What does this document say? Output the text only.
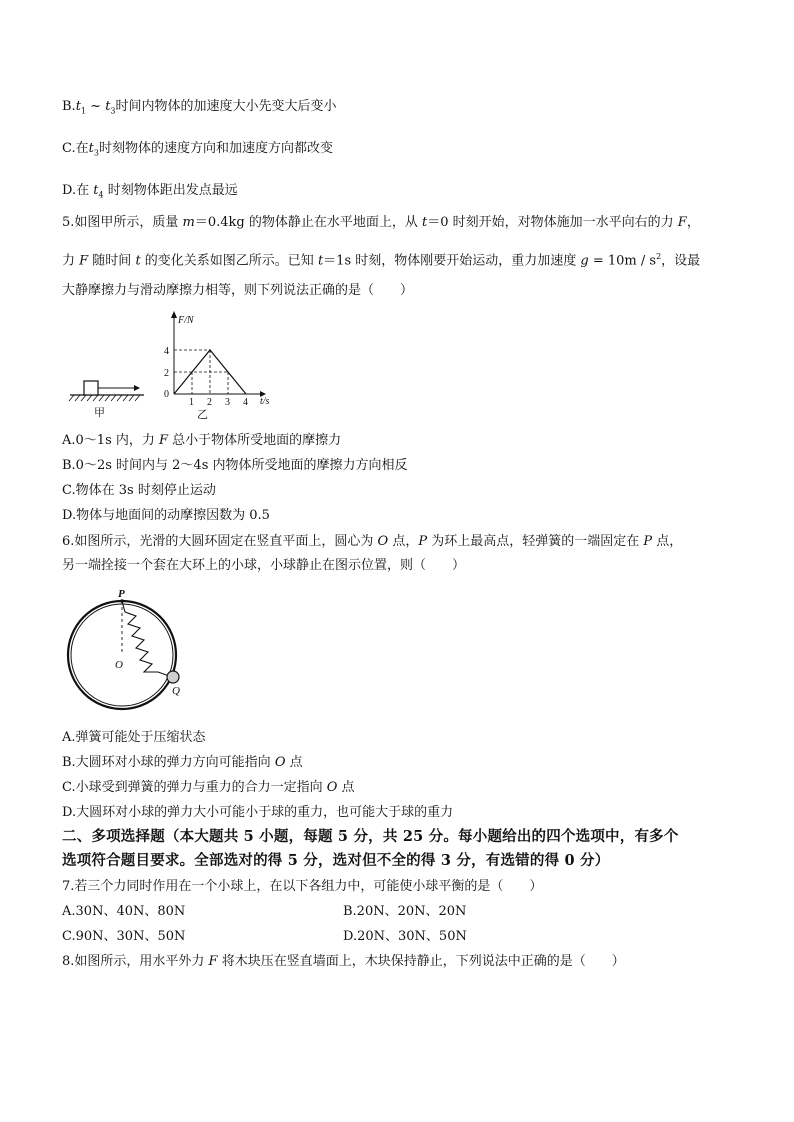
$B.t_1$ ~ $t_3$时间内物体的加速度大小先变大后变小
C.在$t_3$时刻物体的速度方向和加速度方向都改变
D.在 $t_4$ 时刻物体距出发点最远
5.如图甲所示，质量 m＝0.4kg 的物体静止在水平地面上，从 t＝0 时刻开始，对物体施加一水平向右的力 F，
力 F 随时间 t 的变化关系如图乙所示。已知 t＝1s 时刻，物体刚要开始运动，重力加速度 $g = 10m / s^2$，设最
大静摩擦力与滑动摩擦力相等，则下列说法正确的是（　　）
甲
F/N
t/s
0
1 2 3 4
2
4
乙
A.0～1s 内，力 F 总小于物体所受地面的摩擦力
B.0～2s 时间内与 2～4s 内物体所受地面的摩擦力方向相反
C.物体在 3s 时刻停止运动
D.物体与地面间的动摩擦因数为 0.5
6.如图所示，光滑的大圆环固定在竖直平面上，圆心为 O 点，P 为环上最高点，轻弹簧的一端固定在 P 点，
另一端拴接一个套在大环上的小球，小球静止在图示位置，则（　　）
P
O
Q
A.弹簧可能处于压缩状态
B.大圆环对小球的弹力方向可能指向 O 点
C.小球受到弹簧的弹力与重力的合力一定指向 O 点
D.大圆环对小球的弹力大小可能小于球的重力，也可能大于球的重力
二、多项选择题（本大题共 5 小题，每题 5 分，共 25 分。每小题给出的四个选项中，有多个
选项符合题目要求。全部选对的得 5 分，选对但不全的得 3 分，有选错的得 0 分）
7.若三个力同时作用在一个小球上，在以下各组力中，可能使小球平衡的是（　　）
A.30N、40N、80N	B.20N、20N、20N
C.90N、30N、50N	D.20N、30N、50N
8.如图所示，用水平外力 F 将木块压在竖直墙面上，木块保持静止，下列说法中正确的是（　　）
